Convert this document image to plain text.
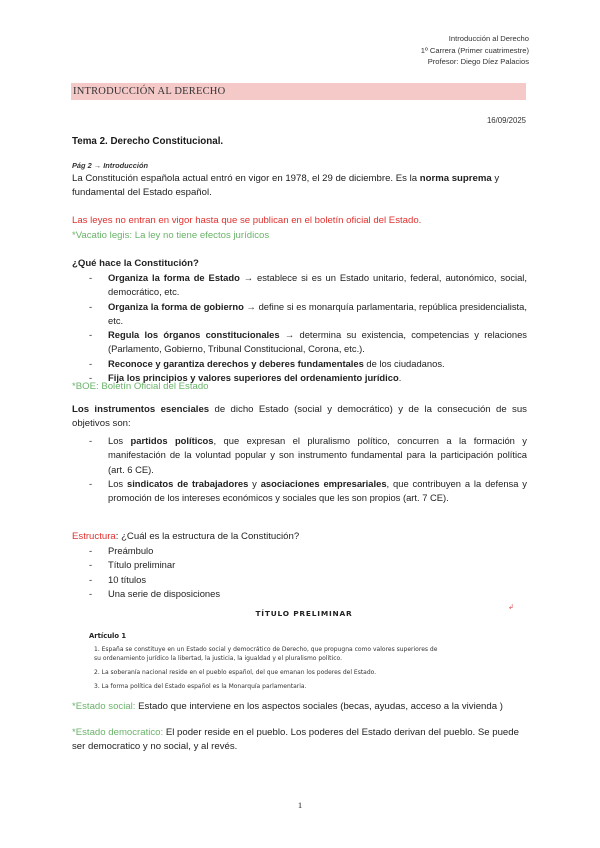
Introducción al Derecho
1º Carrera (Primer cuatrimestre)
Profesor: Diego Díez Palacios
INTRODUCCIÓN AL DERECHO
16/09/2025
Tema 2. Derecho Constitucional.
Pág 2 → Introducción
La Constitución española actual entró en vigor en 1978, el 29 de diciembre. Es la norma suprema y fundamental del Estado español.
Las leyes no entran en vigor hasta que se publican en el boletín oficial del Estado.
*Vacatio legis: La ley no tiene efectos jurídicos
¿Qué hace la Constitución?
- Organiza la forma de Estado → establece si es un Estado unitario, federal, autonómico, social, democrático, etc.
- Organiza la forma de gobierno → define si es monarquía parlamentaria, república presidencialista, etc.
- Regula los órganos constitucionales → determina su existencia, competencias y relaciones (Parlamento, Gobierno, Tribunal Constitucional, Corona, etc.).
- Reconoce y garantiza derechos y deberes fundamentales de los ciudadanos.
- Fija los principios y valores superiores del ordenamiento jurídico.
*BOE: Boletín Oficial del Estado
Los instrumentos esenciales de dicho Estado (social y democrático) y de la consecución de sus objetivos son:
- Los partidos políticos, que expresan el pluralismo político, concurren a la formación y manifestación de la voluntad popular y son instrumento fundamental para la participación política (art. 6 CE).
- Los sindicatos de trabajadores y asociaciones empresariales, que contribuyen a la defensa y promoción de los intereses económicos y sociales que les son propios (art. 7 CE).
Estructura: ¿Cuál es la estructura de la Constitución?
- Preámbulo
- Título preliminar
- 10 títulos
- Una serie de disposiciones
↲
TÍTULO PRELIMINAR
Artículo 1
1. España se constituye en un Estado social y democrático de Derecho, que propugna como valores superiores de
su ordenamiento jurídico la libertad, la justicia, la igualdad y el pluralismo político.
2. La soberanía nacional reside en el pueblo español, del que emanan los poderes del Estado.
3. La forma política del Estado español es la Monarquía parlamentaria.
*Estado social: Estado que interviene en los aspectos sociales (becas, ayudas, acceso a la vivienda )
*Estado democratico: El poder reside en el pueblo. Los poderes del Estado derivan del pueblo. Se puede ser democratico y no social, y al revés.
1
